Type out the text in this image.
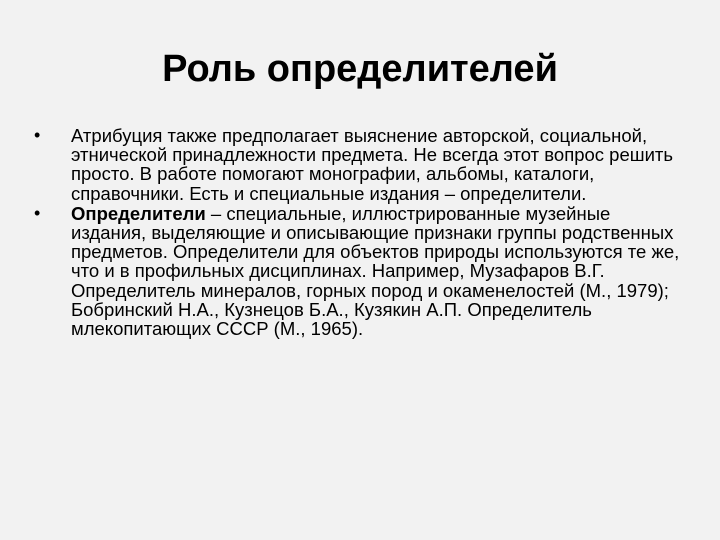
Роль определителей
• Атрибуция также предполагает выяснение авторской, социальной, этнической принадлежности предмета. Не всегда этот вопрос решить просто. В работе помогают монографии, альбомы, каталоги, справочники. Есть и специальные издания – определители.
• Определители – специальные, иллюстрированные музейные издания, выделяющие и описывающие признаки группы родственных предметов. Определители для объектов природы используются те же, что и в профильных дисциплинах. Например, Музафаров В.Г. Определитель минералов, горных пород и окаменелостей (М., 1979); Бобринский Н.А., Кузнецов Б.А., Кузякин А.П. Определитель млекопитающих СССР (М., 1965).
